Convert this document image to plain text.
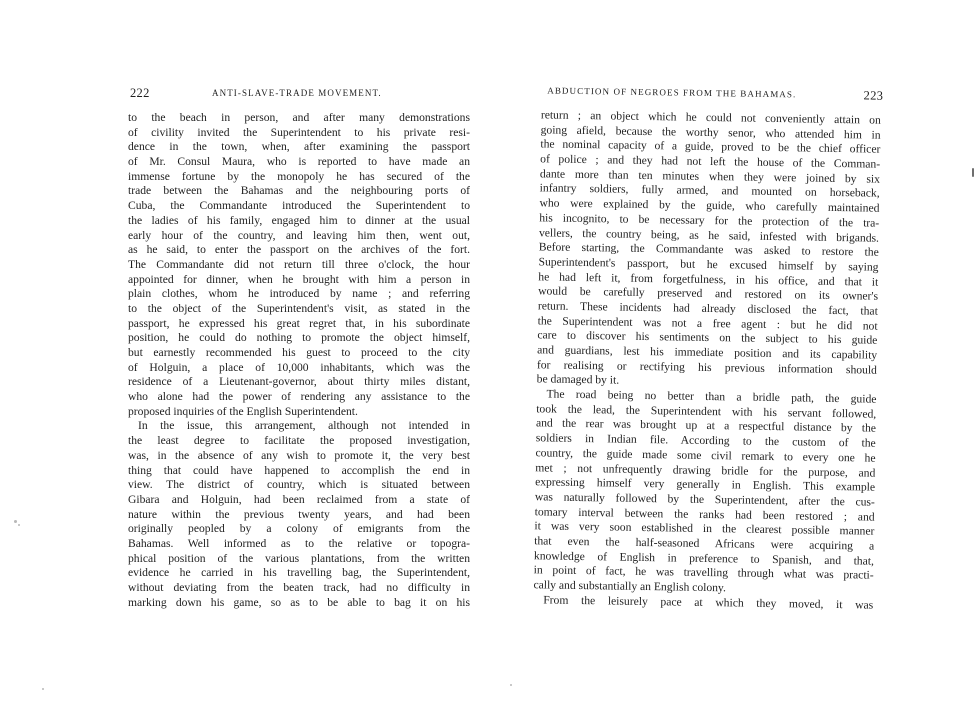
222	ANTI-SLAVE-TRADE MOVEMENT.
to the beach in person, and after many demonstrations
of civility invited the Superintendent to his private resi-
dence in the town, when, after examining the passport
of Mr. Consul Maura, who is reported to have made an
immense fortune by the monopoly he has secured of the
trade between the Bahamas and the neighbouring ports of
Cuba, the Commandante introduced the Superintendent to
the ladies of his family, engaged him to dinner at the usual
early hour of the country, and leaving him then, went out,
as he said, to enter the passport on the archives of the fort.
The Commandante did not return till three o'clock, the hour
appointed for dinner, when he brought with him a person in
plain clothes, whom he introduced by name ; and referring
to the object of the Superintendent's visit, as stated in the
passport, he expressed his great regret that, in his subordinate
position, he could do nothing to promote the object himself,
but earnestly recommended his guest to proceed to the city
of Holguin, a place of 10,000 inhabitants, which was the
residence of a Lieutenant-governor, about thirty miles distant,
who alone had the power of rendering any assistance to the
proposed inquiries of the English Superintendent.
In the issue, this arrangement, although not intended in
the least degree to facilitate the proposed investigation,
was, in the absence of any wish to promote it, the very best
thing that could have happened to accomplish the end in
view. The district of country, which is situated between
Gibara and Holguin, had been reclaimed from a state of
nature within the previous twenty years, and had been
originally peopled by a colony of emigrants from the
Bahamas. Well informed as to the relative or topogra-
phical position of the various plantations, from the written
evidence he carried in his travelling bag, the Superintendent,
without deviating from the beaten track, had no difficulty in
marking down his game, so as to be able to bag it on his
ABDUCTION OF NEGROES FROM THE BAHAMAS.	223
return ; an object which he could not conveniently attain on
going afield, because the worthy senor, who attended him in
the nominal capacity of a guide, proved to be the chief officer
of police ; and they had not left the house of the Comman-
dante more than ten minutes when they were joined by six
infantry soldiers, fully armed, and mounted on horseback,
who were explained by the guide, who carefully maintained
his incognito, to be necessary for the protection of the tra-
vellers, the country being, as he said, infested with brigands.
Before starting, the Commandante was asked to restore the
Superintendent's passport, but he excused himself by saying
he had left it, from forgetfulness, in his office, and that it
would be carefully preserved and restored on its owner's
return. These incidents had already disclosed the fact, that
the Superintendent was not a free agent : but he did not
care to discover his sentiments on the subject to his guide
and guardians, lest his immediate position and its capability
for realising or rectifying his previous information should
be damaged by it.
The road being no better than a bridle path, the guide
took the lead, the Superintendent with his servant followed,
and the rear was brought up at a respectful distance by the
soldiers in Indian file. According to the custom of the
country, the guide made some civil remark to every one he
met ; not unfrequently drawing bridle for the purpose, and
expressing himself very generally in English. This example
was naturally followed by the Superintendent, after the cus-
tomary interval between the ranks had been restored ; and
it was very soon established in the clearest possible manner
that even the half-seasoned Africans were acquiring a
knowledge of English in preference to Spanish, and that,
in point of fact, he was travelling through what was practi-
cally and substantially an English colony.
From the leisurely pace at which they moved, it was
